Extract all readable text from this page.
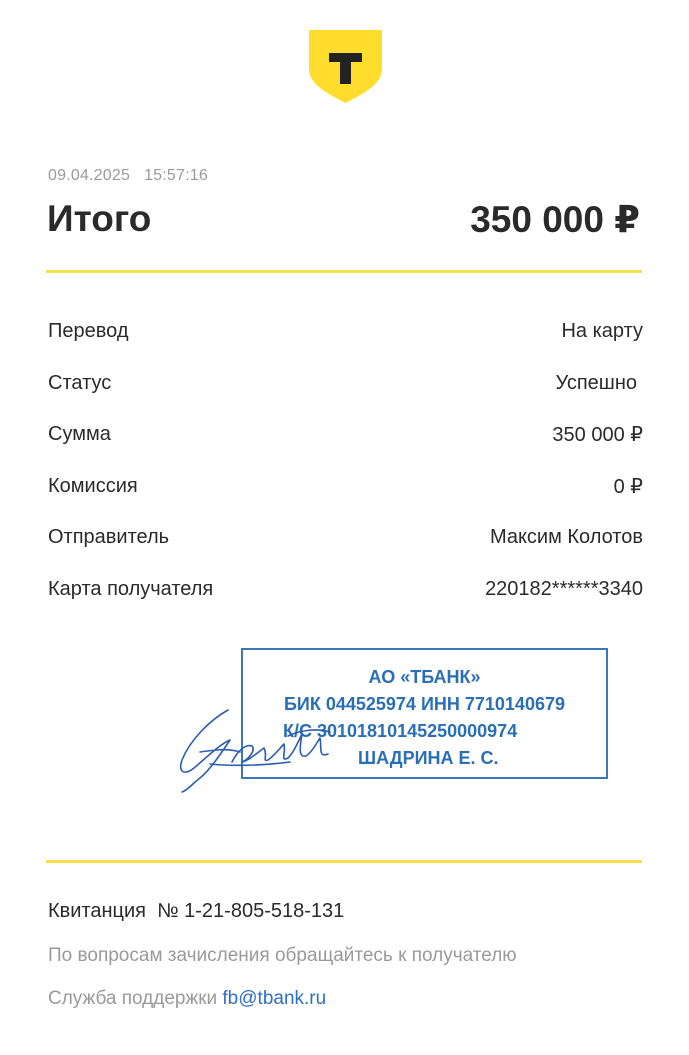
09.04.2025 15:57:16
Итого	350 000 ₽
Перевод	На карту
Статус	Успешно
Сумма	350 000 ₽
Комиссия	0 ₽
Отправитель	Максим Колотов
Карта получателя	220182******3340
АО «ТБАНК»
БИК 044525974 ИНН 7710140679
К/С 30101810145250000974
ШАДРИНА Е. С.
Квитанция  № 1-21-805-518-131
По вопросам зачисления обращайтесь к получателю
Служба поддержки fb@tbank.ru
